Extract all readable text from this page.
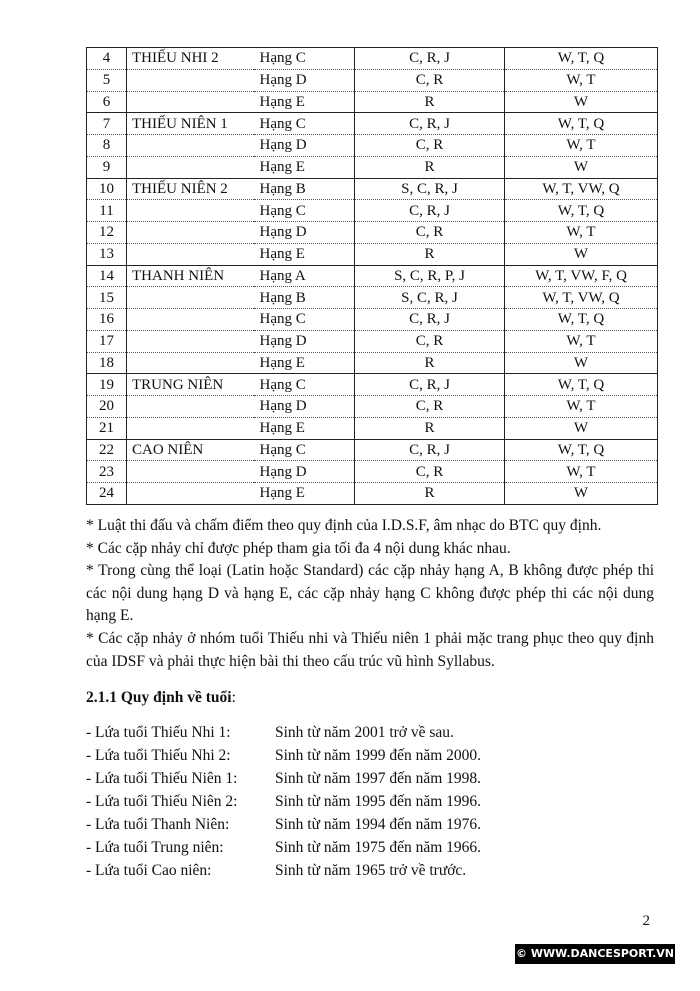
4	THIẾU NHI 2	Hạng C	C, R, J	W, T, Q
5		Hạng D	C, R	W, T
6		Hạng E	R	W
7	THIẾU NIÊN 1	Hạng C	C, R, J	W, T, Q
8		Hạng D	C, R	W, T
9		Hạng E	R	W
10	THIẾU NIÊN 2	Hạng B	S, C, R, J	W, T, VW, Q
11		Hạng C	C, R, J	W, T, Q
12		Hạng D	C, R	W, T
13		Hạng E	R	W
14	THANH NIÊN	Hạng A	S, C, R, P, J	W, T, VW, F, Q
15		Hạng B	S, C, R, J	W, T, VW, Q
16		Hạng C	C, R, J	W, T, Q
17		Hạng D	C, R	W, T
18		Hạng E	R	W
19	TRUNG NIÊN	Hạng C	C, R, J	W, T, Q
20		Hạng D	C, R	W, T
21		Hạng E	R	W
22	CAO NIÊN	Hạng C	C, R, J	W, T, Q
23		Hạng D	C, R	W, T
24		Hạng E	R	W

* Luật thi đấu và chấm điểm theo quy định của I.D.S.F, âm nhạc do BTC quy định.

* Các cặp nhảy chỉ được phép tham gia tối đa 4 nội dung khác nhau.

* Trong cùng thể loại (Latin hoặc Standard) các cặp nhảy hạng A, B không được phép thi các nội dung hạng D và hạng E, các cặp nhảy hạng C không được phép thi các nội dung hạng E.

* Các cặp nhảy ở nhóm tuổi Thiếu nhi và Thiếu niên 1 phải mặc trang phục theo quy định của IDSF và phải thực hiện bài thi theo cấu trúc vũ hình Syllabus.

2.1.1 Quy định về tuổi:
- Lứa tuổi Thiếu Nhi 1:	Sinh từ năm 2001 trở về sau.
- Lứa tuổi Thiếu Nhi 2:	Sinh từ năm 1999 đến năm 2000.
- Lứa tuổi Thiếu Niên 1: Sinh từ năm 1997 đến năm 1998.
- Lứa tuổi Thiếu Niên 2: Sinh từ năm 1995 đến năm 1996.
- Lứa tuổi Thanh Niên:	Sinh từ năm 1994 đến năm 1976.
- Lứa tuổi Trung niên:	Sinh từ năm 1975 đến năm 1966.
- Lứa tuổi Cao niên:	Sinh từ năm 1965 trở về trước.
2
© WWW.DANCESPORT.VN
